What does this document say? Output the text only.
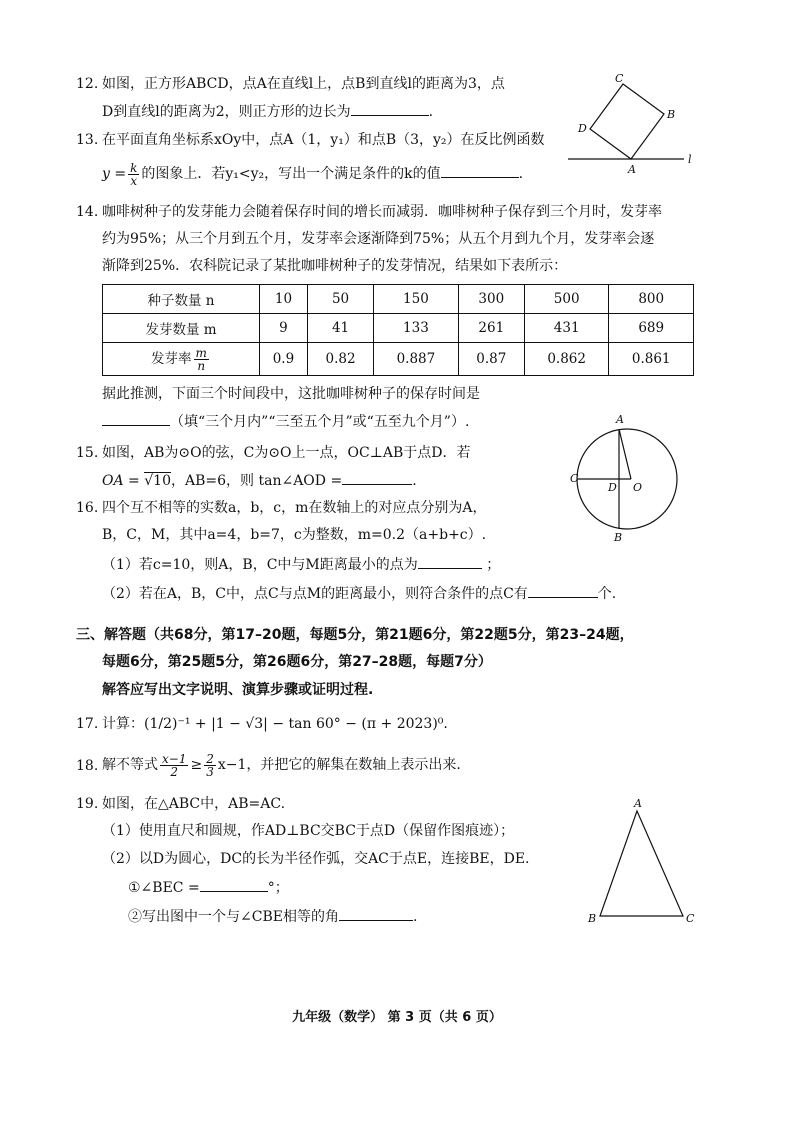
12. 如图，正方形ABCD，点A在直线l上，点B到直线l的距离为3，点
D到直线l的距离为2，则正方形的边长为	.
C
B
D
A
l
13. 在平面直角坐标系xOy中，点A（1，y₁）和点B（3，y₂）在反比例函数
$y = \frac{k}{x}$ 的图象上．若y₁<y₂，写出一个满足条件的k的值	.
14. 咖啡树种子的发芽能力会随着保存时间的增长而减弱．咖啡树种子保存到三个月时，发芽率
约为95%；从三个月到五个月，发芽率会逐渐降到75%；从五个月到九个月，发芽率会逐
渐降到25%．农科院记录了某批咖啡树种子的发芽情况，结果如下表所示：
种子数量 n	10	50	150	300	500	800
发芽数量 m	9	41	133	261	431	689
发芽率 $\frac{m}{n}$	0.9	0.82	0.887	0.87	0.862	0.861
据此推测，下面三个时间段中，这批咖啡树种子的保存时间是
（填“三个月内”“三至五个月”或“五至九个月”）.
15. 如图，AB为⊙O的弦，C为⊙O上一点，OC⊥AB于点D．若
OA = √10，AB=6，则 tan∠AOD =	.
A
B
C
D O
16. 四个互不相等的实数a，b，c，m在数轴上的对应点分别为A，
B，C，M，其中a=4，b=7，c为整数，m=0.2（a+b+c）.
（1）若c=10，则A，B，C中与M距离最小的点为	；
（2）若在A，B，C中，点C与点M的距离最小，则符合条件的点C有	个.
三、解答题（共68分，第17–20题，每题5分，第21题6分，第22题5分，第23–24题，
每题6分，第25题5分，第26题6分，第27–28题，每题7分）
解答应写出文字说明、演算步骤或证明过程.
17. 计算：(1/2)⁻¹ + |1 − √3| − tan 60° − (π + 2023)⁰.
18. 解不等式 $\frac{x-1}{2} \ge \frac{2}{3} x-1$，并把它的解集在数轴上表示出来.
19. 如图，在△ABC中，AB=AC.
（1）使用直尺和圆规，作AD⊥BC交BC于点D（保留作图痕迹）；
（2）以D为圆心，DC的长为半径作弧，交AC于点E，连接BE，DE.
①∠BEC =	°；
②写出图中一个与∠CBE相等的角	.
A
B	C
九年级（数学） 第 3 页（共 6 页）
